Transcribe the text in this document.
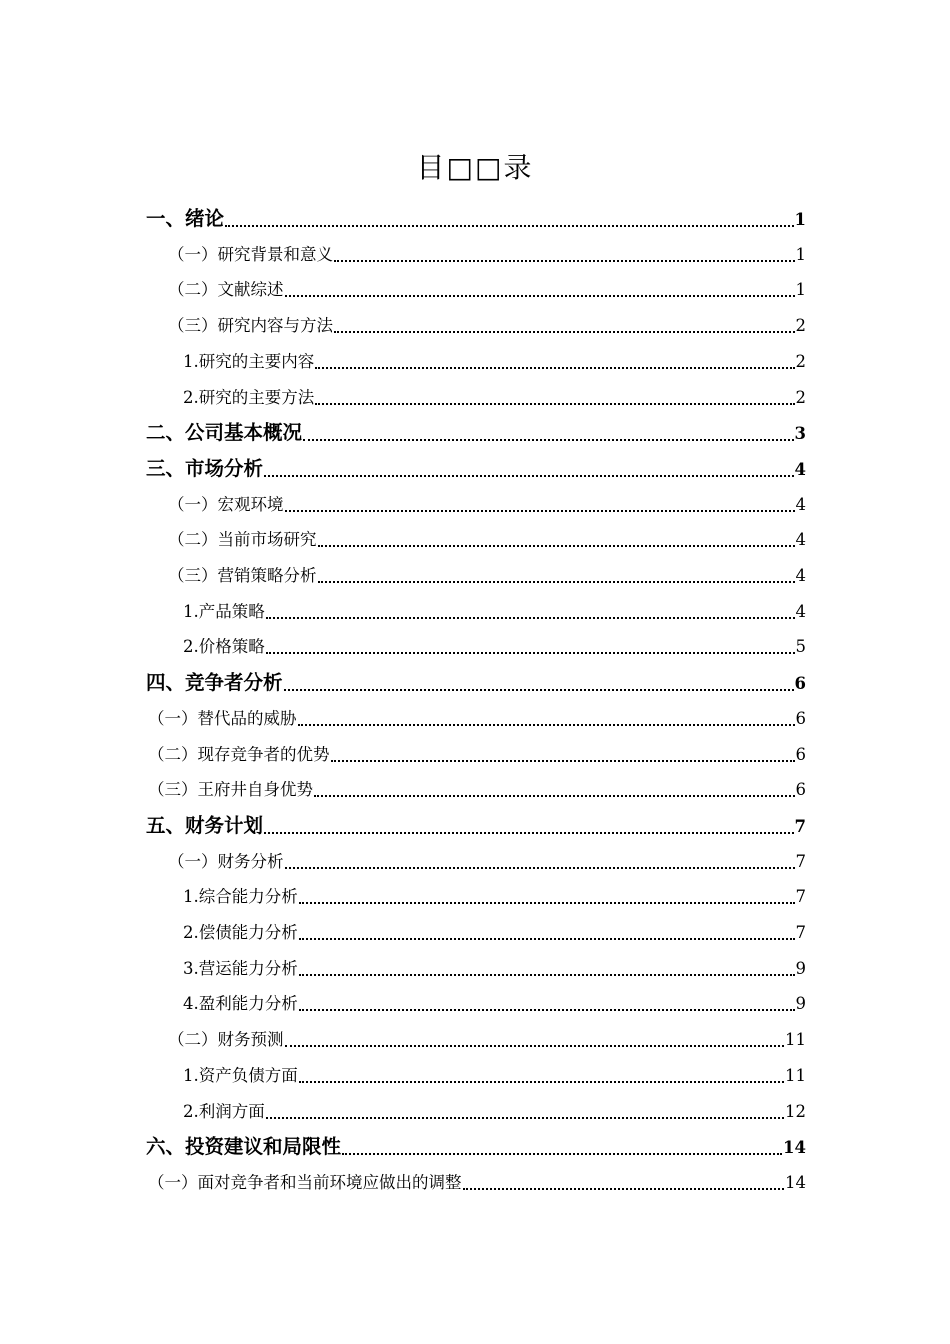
目□□录
一、绪论	1
（一）研究背景和意义	1
（二）文献综述	1
（三）研究内容与方法	2
1.研究的主要内容	2
2.研究的主要方法	2
二、公司基本概况	3
三、市场分析	4
（一）宏观环境	4
（二）当前市场研究	4
（三）营销策略分析	4
1.产品策略	4
2.价格策略	5
四、竞争者分析	6
（一）替代品的威胁	6
（二）现存竞争者的优势	6
（三）王府井自身优势	6
五、财务计划	7
（一）财务分析	7
1.综合能力分析	7
2.偿债能力分析	7
3.营运能力分析	9
4.盈利能力分析	9
（二）财务预测	11
1.资产负债方面	11
2.利润方面	12
六、投资建议和局限性	14
（一）面对竞争者和当前环境应做出的调整	14
